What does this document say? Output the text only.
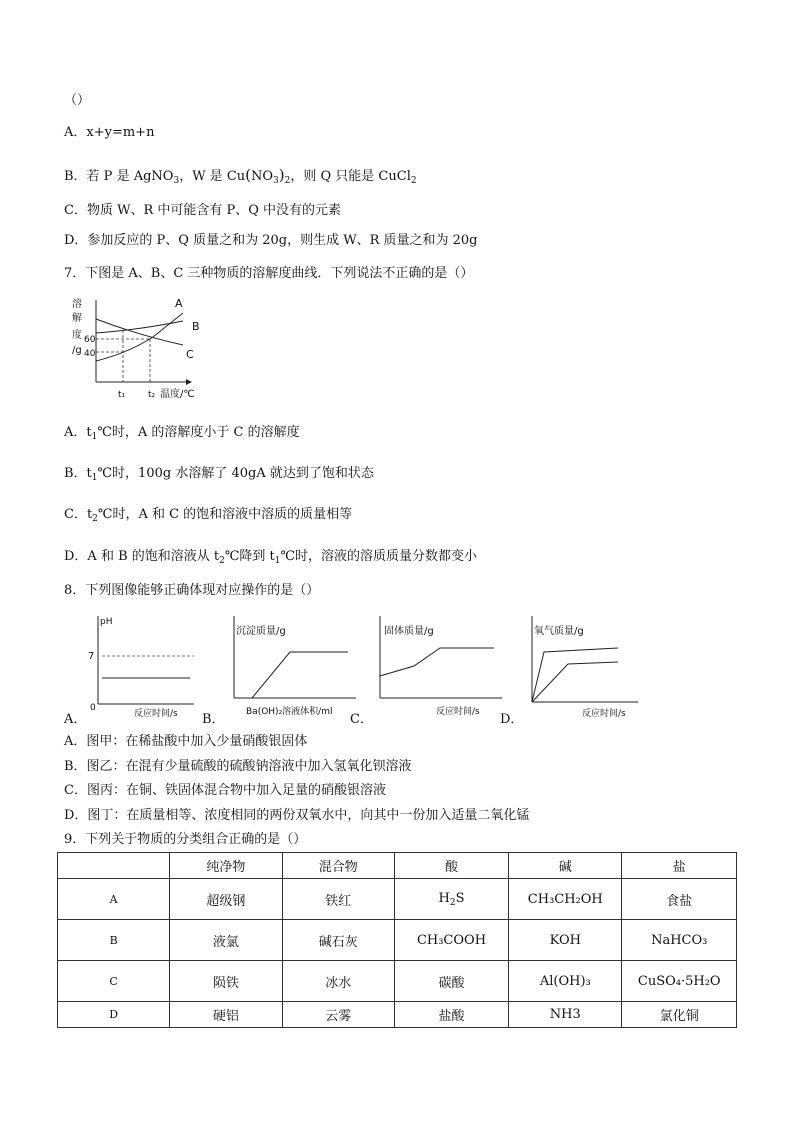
（）
A．x+y=m+n
B．若 P 是 AgNO$_3$，W 是 $Cu(NO_3)_2$，则 Q 只能是 CuCl$_2$
C．物质 W、R 中可能含有 P、Q 中没有的元素
D．参加反应的 P、Q 质量之和为 20g，则生成 W、R 质量之和为 20g
7．下图是 A、B、C 三种物质的溶解度曲线．下列说法不正确的是（）
溶
解
度
/g
60
40
A
B
C
t₁	t₂ 温度/℃
A．$t_1℃$时，A 的溶解度小于 C 的溶解度
B．$t_1℃$时，100g 水溶解了 40gA 就达到了饱和状态
C．$t_2℃$时，A 和 C 的饱和溶液中溶质的质量相等
D．A 和 B 的饱和溶液从 $t_2℃$降到 $t_1℃$时，溶液的溶质质量分数都变小
8．下列图像能够正确体现对应操作的是（）
pH
7
0
反应时间/s
A．
沉淀质量/g
Ba(OH)₂溶液体积/ml
B．
固体质量/g
反应时间/s
C．
氧气质量/g
反应时间/s
D．
A．图甲：在稀盐酸中加入少量硝酸银固体
B．图乙：在混有少量硫酸的硫酸钠溶液中加入氢氧化钡溶液
C．图丙：在铜、铁固体混合物中加入足量的硝酸银溶液
D．图丁：在质量相等、浓度相同的两份双氧水中，向其中一份加入适量二氧化锰
9．下列关于物质的分类组合正确的是（）
	纯净物	混合物	酸	碱	盐
A	超级钢	铁红	$H_2S$	CH₃CH₂OH	食盐
B	液氯	碱石灰	CH₃COOH	KOH	NaHCO₃
C	陨铁	冰水	碳酸	Al(OH)₃	CuSO₄·5H₂O
D	硬铝	云雾	盐酸	NH3	氯化铜
